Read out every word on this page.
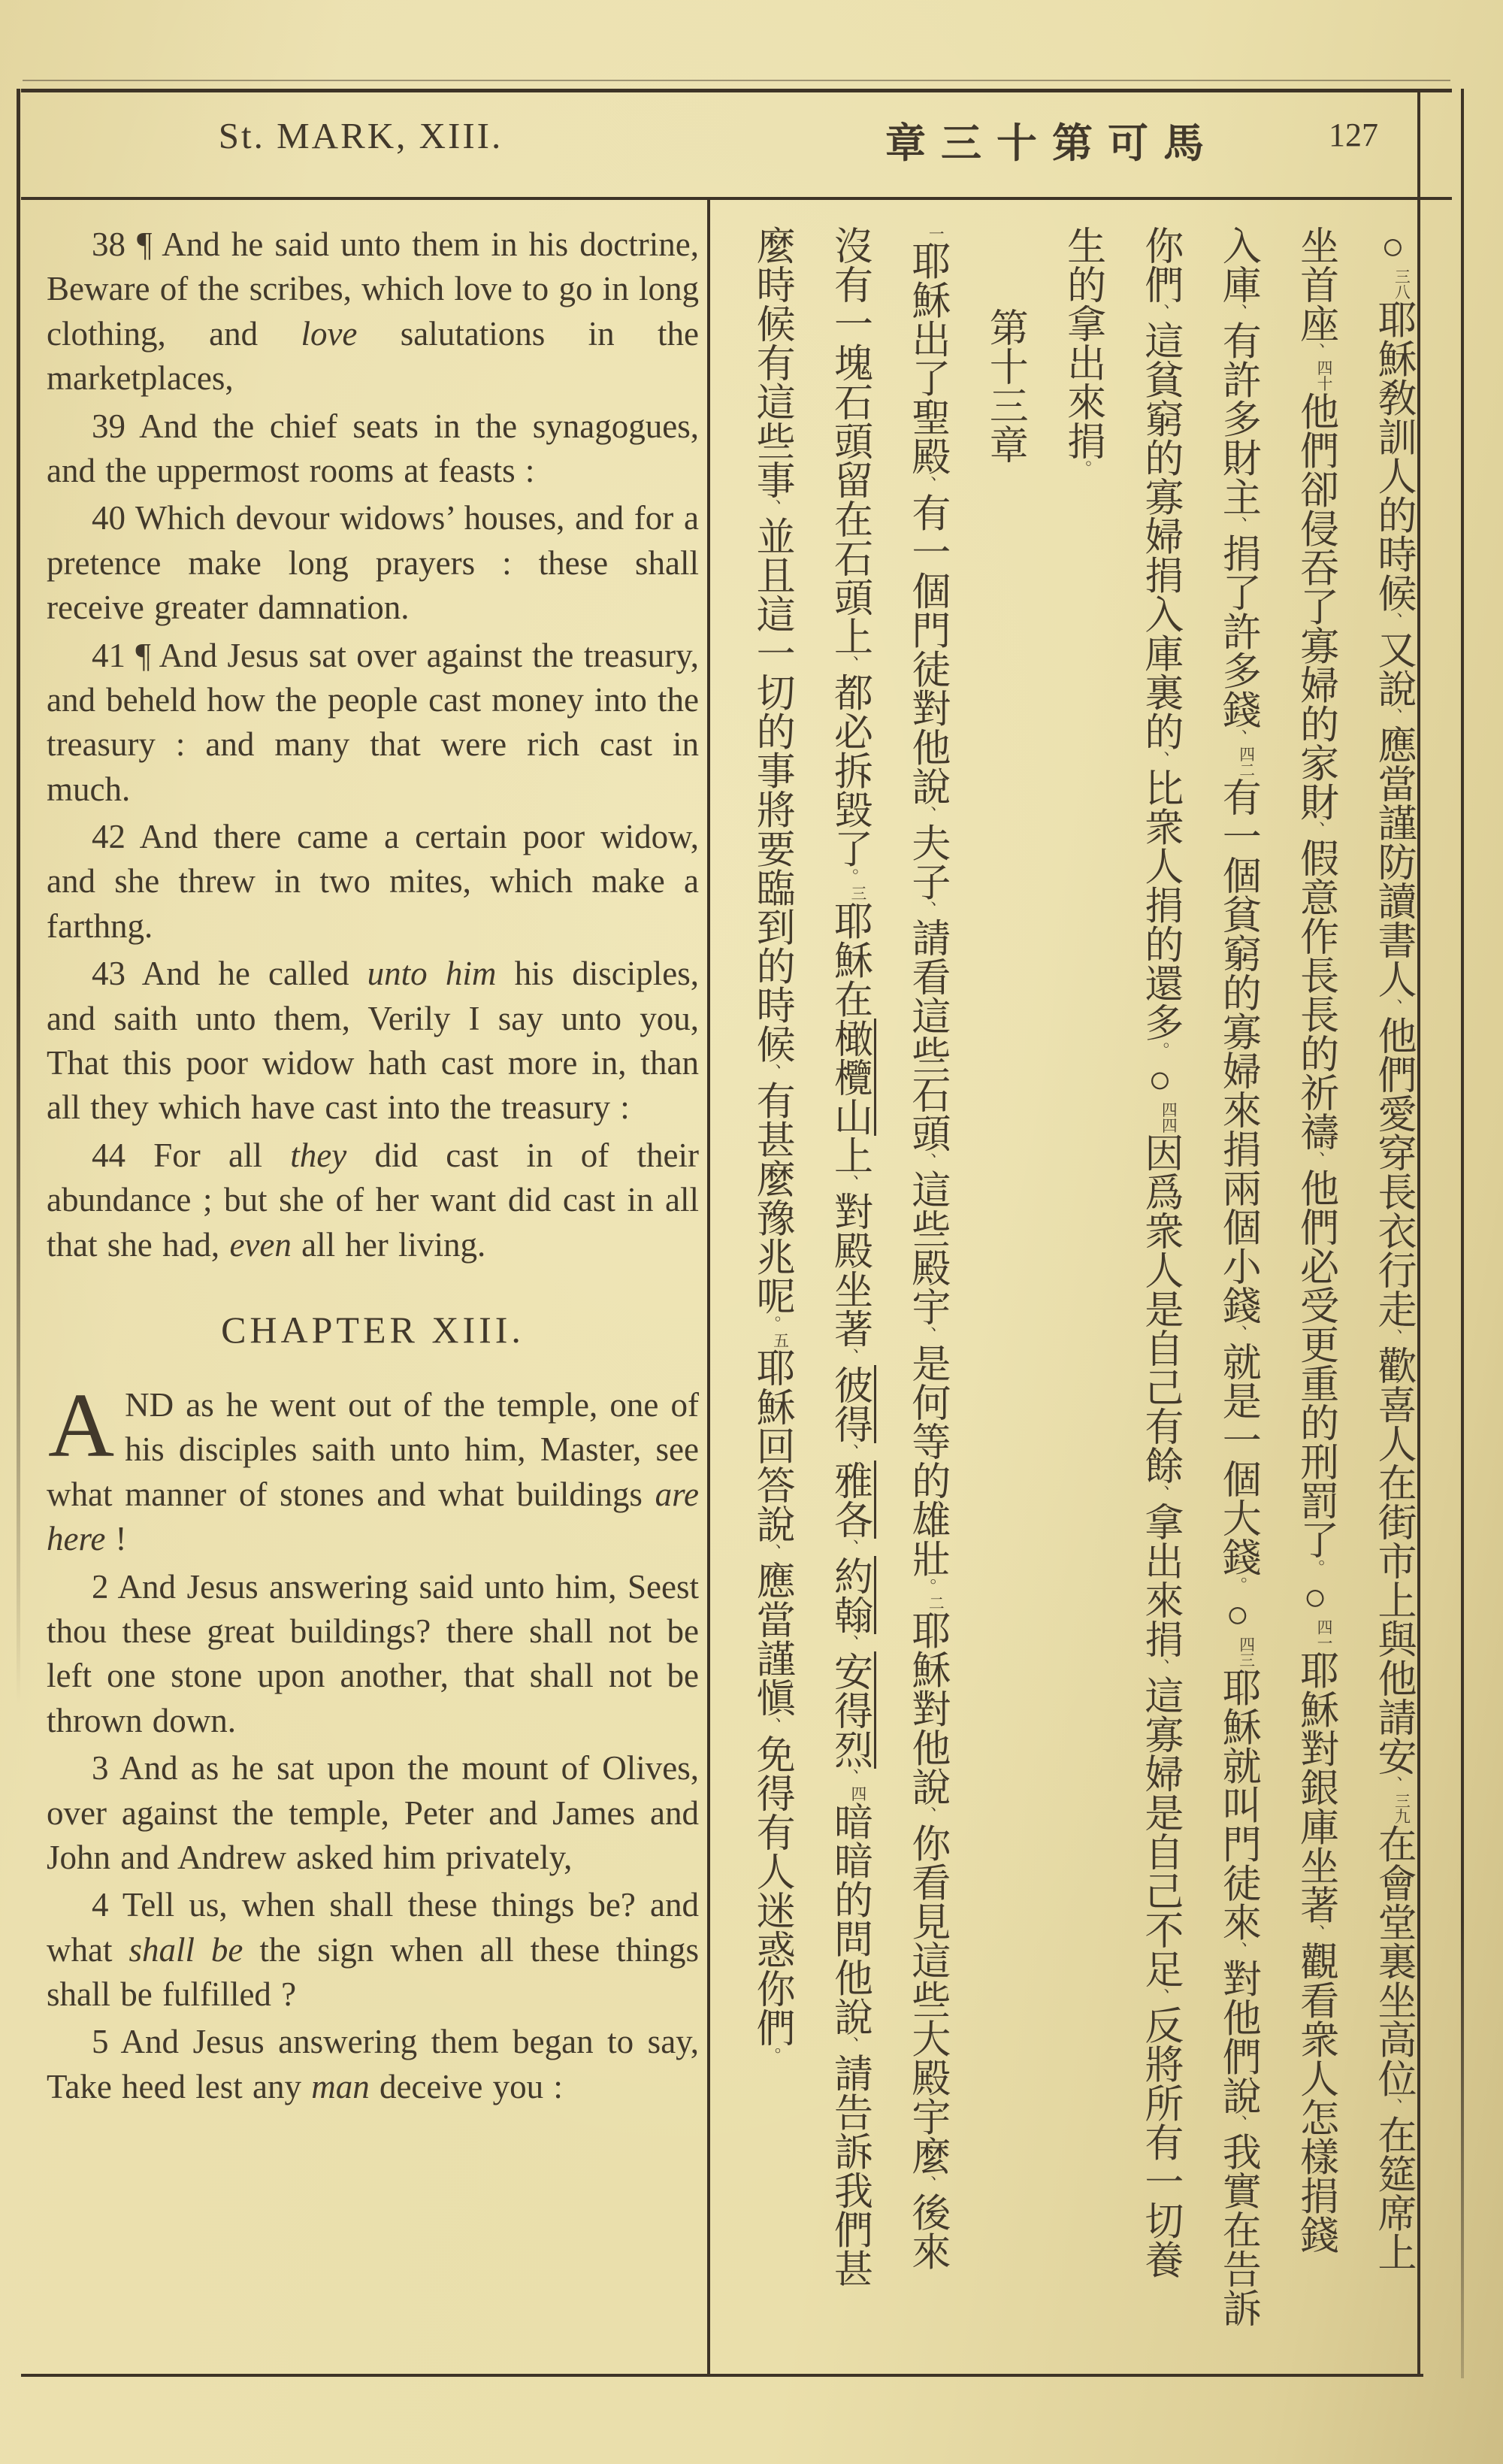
St. MARK, XIII.	章三十第可馬	127

38 ¶ And he said unto them in his doctrine, Beware of the scribes, which love to go in long clothing, and love salutations in the marketplaces,

39 And the chief seats in the synagogues, and the uppermost rooms at feasts :

40 Which devour widows’ houses, and for a pretence make long prayers : these shall receive greater damnation.

41 ¶ And Jesus sat over against the treasury, and beheld how the people cast money into the treasury : and many that were rich cast in much.

42 And there came a certain poor widow, and she threw in two mites, which make a farthng.

43 And he called unto him his disciples, and saith unto them, Verily I say unto you, That this poor widow hath cast more in, than all they which have cast into the treasury :

44 For all they did cast in of their abundance ; but she of her want did cast in all that she had, even all her living.

CHAPTER XIII.

AND as he went out of the temple, one of his disciples saith unto him, Master, see what manner of stones and what buildings are here !

2 And Jesus answering said unto him, Seest thou these great buildings? there shall not be left one stone upon another, that shall not be thrown down.

3 And as he sat upon the mount of Olives, over against the temple, Peter and James and John and Andrew asked him privately,

4 Tell us, when shall these things be? and what shall be the sign when all these things shall be fulfilled ?

5 And Jesus answering them began to say, Take heed lest any man deceive you :

○$^{三八}$耶穌敎訓人的時候、又說、應當謹防讀書人、他們愛穿長衣行走、歡喜人在街市上與他請安、$^{三九}$在會堂裏坐高位、在筵席上
坐首座、$^{四十}$他們卻侵吞了寡婦的家財、假意作長長的祈禱、他們必受更重的刑罰了。○$^{四一}$耶穌對銀庫坐著、觀看衆人怎樣捐錢
入庫、有許多財主、捐了許多錢、$^{四二}$有一個貧窮的寡婦來捐兩個小錢、就是一個大錢。○$^{四三}$耶穌就叫門徒來、對他們說、我實在告訴
你們、這貧窮的寡婦捐入庫裏的、比衆人捐的還多。○$^{四四}$因爲衆人是自己有餘、拿出來捐、這寡婦是自己不足、反將所有一切養
生的拿出來捐。
第十三章
$^一$耶穌出了聖殿、有一個門徒對他說、夫子、請看這些石頭、這些殿宇、是何等的雄壯。$^二$耶穌對他說、你看見這些大殿宇麼、後來
沒有一塊石頭留在石頭上、都必拆毀了。$^三$耶穌在橄欖山上、對殿坐著、彼得、雅各、約翰、安得烈、$^四$暗暗的問他說、請告訴我們甚
麼時候有這些事、並且這一切的事將要臨到的時候、有甚麼豫兆呢。$^五$耶穌回答說、應當謹愼、免得有人迷惑你們。
